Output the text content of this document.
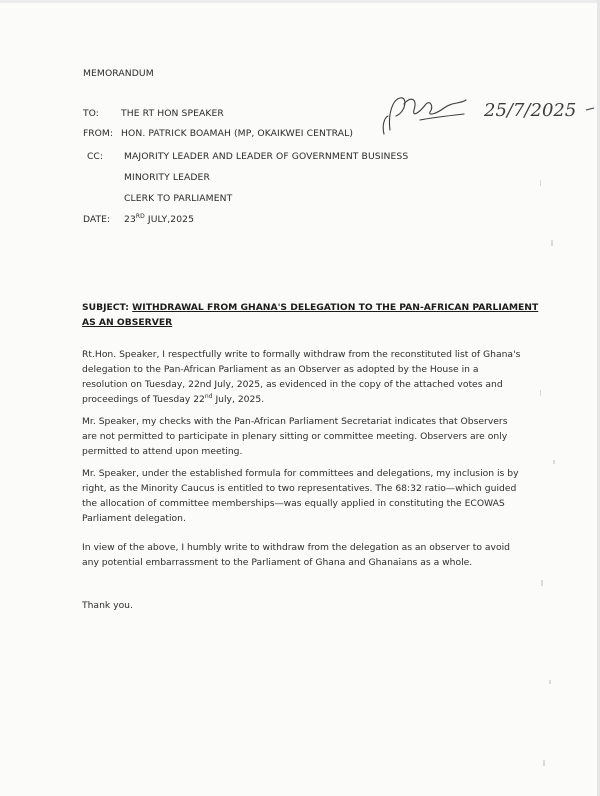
MEMORANDUM
TO: THE RT HON SPEAKER
FROM: HON. PATRICK BOAMAH (MP, OKAIKWEI CENTRAL)
CC: MAJORITY LEADER AND LEADER OF GOVERNMENT BUSINESS
MINORITY LEADER
CLERK TO PARLIAMENT
DATE: 23RD JULY,2025
25/7/2025
SUBJECT: WITHDRAWAL FROM GHANA'S DELEGATION TO THE PAN-AFRICAN PARLIAMENT
AS AN OBSERVER

Rt.Hon. Speaker, I respectfully write to formally withdraw from the reconstituted list of Ghana's delegation to the Pan-African Parliament as an Observer as adopted by the House in a resolution on Tuesday, 22nd July, 2025, as evidenced in the copy of the attached votes and proceedings of Tuesday 22nd July, 2025.

Mr. Speaker, my checks with the Pan-African Parliament Secretariat indicates that Observers are not permitted to participate in plenary sitting or committee meeting. Observers are only permitted to attend upon meeting.

Mr. Speaker, under the established formula for committees and delegations, my inclusion is by right, as the Minority Caucus is entitled to two representatives. The 68:32 ratio—which guided the allocation of committee memberships—was equally applied in constituting the ECOWAS Parliament delegation.

In view of the above, I humbly write to withdraw from the delegation as an observer to avoid any potential embarrassment to the Parliament of Ghana and Ghanaians as a whole.

Thank you.
